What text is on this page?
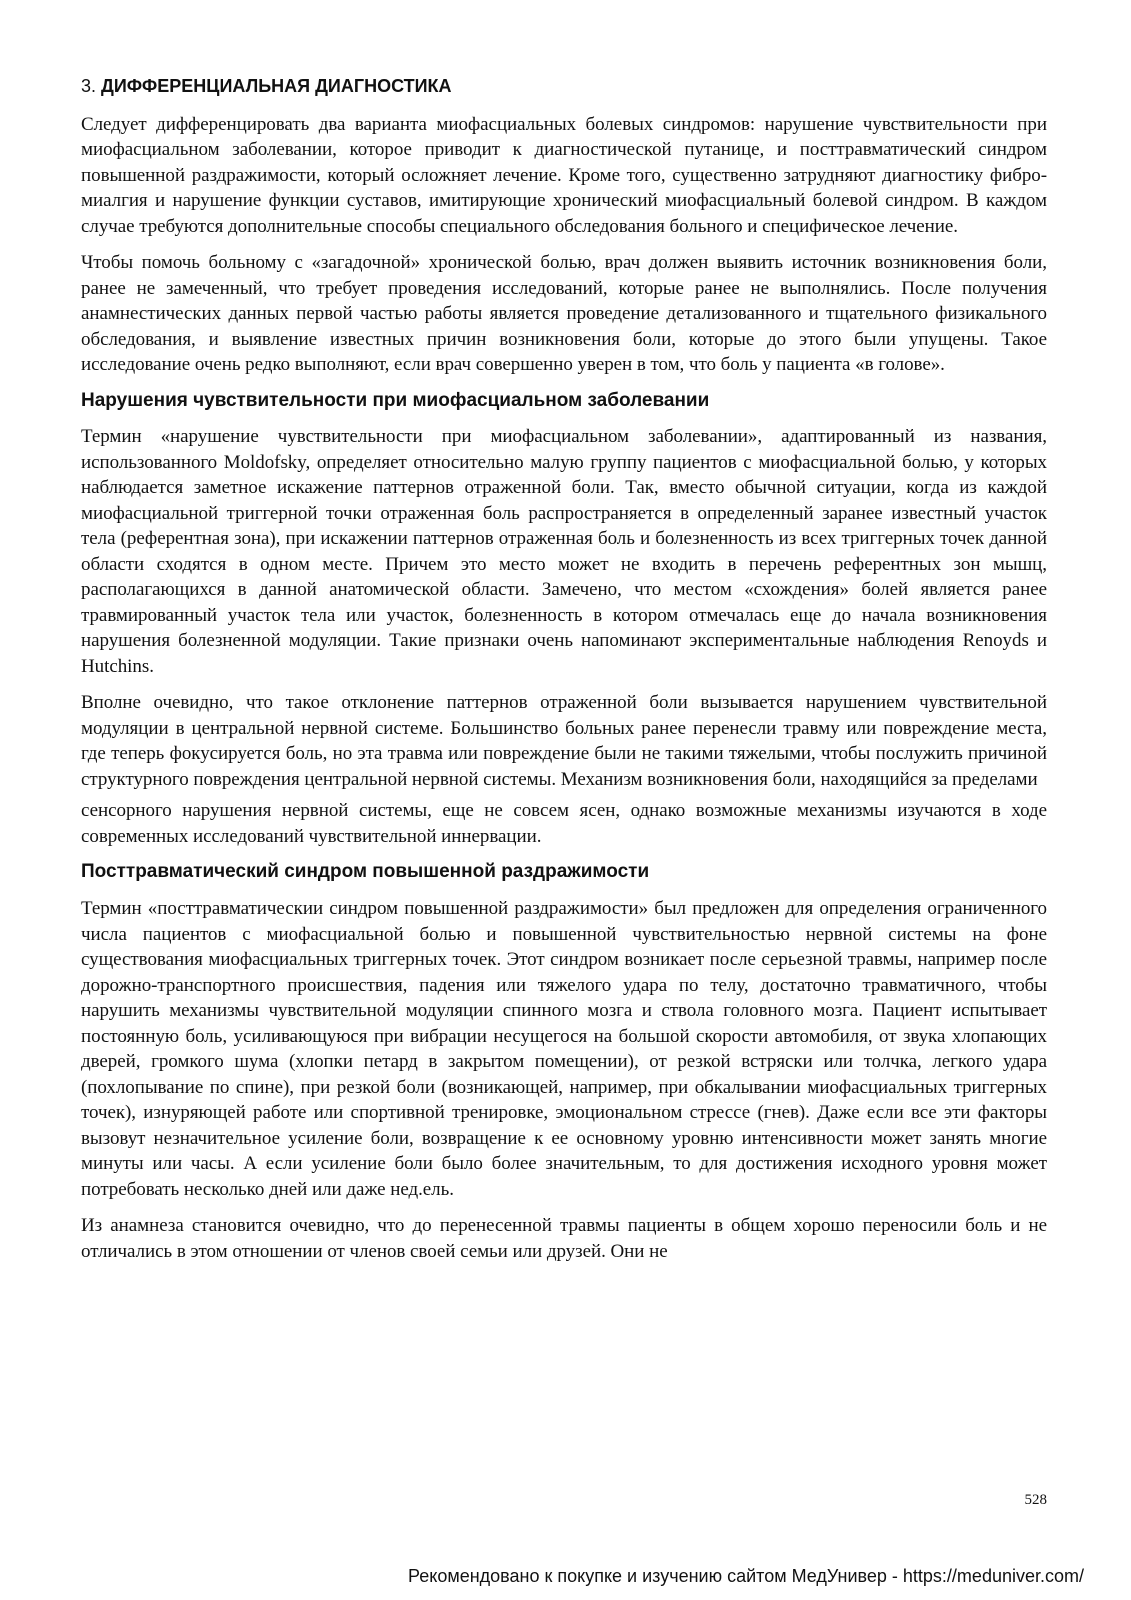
3. ДИФФЕРЕНЦИАЛЬНАЯ ДИАГНОСТИКА

Следует дифференцировать два варианта миофасциальных болевых синдромов: нарушение чувствительности при миофасциальном заболевании, которое приводит к диагностической путанице, и посттравматический синдром повышенной раздражимости, который осложняет лечение. Кроме того, существенно затрудняют диагностику фибро-миалгия и нарушение функции суставов, имитирующие хронический миофасциальный болевой синдром. В каждом случае требуются дополнительные способы специального обследования больного и специфическое лечение.

Чтобы помочь больному с «загадочной» хронической болью, врач должен выявить источник возникновения боли, ранее не замеченный, что требует проведения исследований, которые ранее не выполнялись. После получения анамнестических данных первой частью работы является проведение детализованного и тщательного физикального обследования, и выявление известных причин возникновения боли, которые до этого были упущены. Такое исследование очень редко выполняют, если врач совершенно уверен в том, что боль у пациента «в голове».

Нарушения чувствительности при миофасциальном заболевании

Термин «нарушение чувствительности при миофасциальном заболевании», адаптированный из названия, использованного Moldofsky, определяет относительно малую группу пациентов с миофасциальной болью, у которых наблюдается заметное искажение паттернов отраженной боли. Так, вместо обычной ситуации, когда из каждой миофасциальной триггерной точки отраженная боль распространяется в определенный заранее известный участок тела (референтная зона), при искажении паттернов отраженная боль и болезненность из всех триггерных точек данной области сходятся в одном месте. Причем это место может не входить в перечень референтных зон мышц, располагающихся в данной анатомической области. Замечено, что местом «схождения» болей является ранее травмированный участок тела или участок, болезненность в котором отмечалась еще до начала возникновения нарушения болезненной модуляции. Такие признаки очень напоминают экспериментальные наблюдения Renoyds и Hutchins.

Вполне очевидно, что такое отклонение паттернов отраженной боли вызывается нарушением чувствительной модуляции в центральной нервной системе. Большинство больных ранее перенесли травму или повреждение места, где теперь фокусируется боль, но эта травма или повреждение были не такими тяжелыми, чтобы послужить причиной структурного повреждения центральной нервной системы. Механизм возникновения боли, находящийся за пределами

сенсорного нарушения нервной системы, еще не совсем ясен, однако возможные механизмы изучаются в ходе современных исследований чувствительной иннервации.

Посттравматический синдром повышенной раздражимости

Термин «посттравматическии синдром повышенной раздражимости» был предложен для определения ограниченного числа пациентов с миофасциальной болью и повышенной чувствительностью нервной системы на фоне существования миофасциальных триггерных точек. Этот синдром возникает после серьезной травмы, например после дорожно-транспортного происшествия, падения или тяжелого удара по телу, достаточно травматичного, чтобы нарушить механизмы чувствительной модуляции спинного мозга и ствола головного мозга. Пациент испытывает постоянную боль, усиливающуюся при вибрации несущегося на большой скорости автомобиля, от звука хлопающих дверей, громкого шума (хлопки петард в закрытом помещении), от резкой встряски или толчка, легкого удара (похлопывание по спине), при резкой боли (возникающей, например, при обкалывании миофасциальных триггерных точек), изнуряющей работе или спортивной тренировке, эмоциональном стрессе (гнев). Даже если все эти факторы вызовут незначительное усиление боли, возвращение к ее основному уровню интенсивности может занять многие минуты или часы. А если усиление боли было более значительным, то для достижения исходного уровня может потребовать несколько дней или даже нед.ель.

Из анамнеза становится очевидно, что до перенесенной травмы пациенты в общем хорошо переносили боль и не отличались в этом отношении от членов своей семьи или друзей. Они не

528
Рекомендовано к покупке и изучению сайтом МедУнивер - https://meduniver.com/
